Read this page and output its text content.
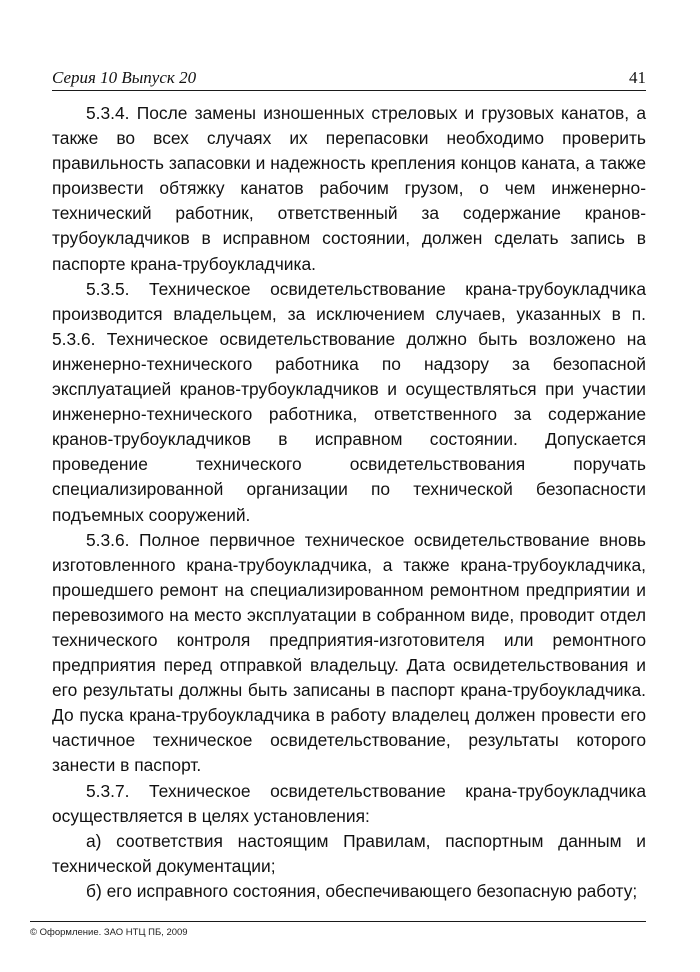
Серия 10 Выпуск 20	41

5.3.4. После замены изношенных стреловых и грузовых канатов, а также во всех случаях их перепасовки необходимо проверить правильность запасовки и надежность крепления концов каната, а также произвести обтяжку канатов рабочим грузом, о чем инженерно-технический работник, ответственный за содержание кранов-трубоукладчиков в исправном состоянии, должен сделать запись в паспорте крана-трубоукладчика.

5.3.5. Техническое освидетельствование крана-трубоукладчика производится владельцем, за исключением случаев, указанных в п. 5.3.6. Техническое освидетельствование должно быть возложено на инженерно-технического работника по надзору за безопасной эксплуатацией кранов-трубоукладчиков и осуществляться при участии инженерно-технического работника, ответственного за содержание кранов-трубоукладчиков в исправном состоянии. Допускается проведение технического освидетельствования поручать специализированной организации по технической безопасности подъемных сооружений.

5.3.6. Полное первичное техническое освидетельствование вновь изготовленного крана-трубоукладчика, а также крана-трубоукладчика, прошедшего ремонт на специализированном ремонтном предприятии и перевозимого на место эксплуатации в собранном виде, проводит отдел технического контроля предприятия-изготовителя или ремонтного предприятия перед отправкой владельцу. Дата освидетельствования и его результаты должны быть записаны в паспорт крана-трубоукладчика. До пуска крана-трубоукладчика в работу владелец должен провести его частичное техническое освидетельствование, результаты которого занести в паспорт.

5.3.7. Техническое освидетельствование крана-трубоукладчика осуществляется в целях установления:

а) соответствия настоящим Правилам, паспортным данным и технической документации;

б) его исправного состояния, обеспечивающего безопасную работу;

© Оформление. ЗАО НТЦ ПБ, 2009
